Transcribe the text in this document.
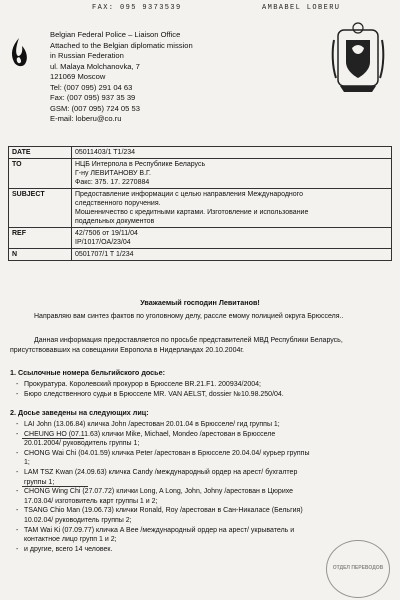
FAX: 095 9373539	AMBABEL LOBERU
Belgian Federal Police – Liaison Office
Attached to the Belgian diplomatic mission
in Russian Federation
ul. Malaya Molchanovka, 7
121069 Moscow
Tel: (007 095) 291 04 63
Fax: (007 095) 937 35 39
GSM: (007 095) 724 05 53
E-mail: loberu@co.ru
DATE	05011403/1 T1/234
TO	НЦБ Интерпола в Республике Беларусь
Г-ну ЛЕВИТАНОВУ В.Г.
Факс: 375. 17. 2270884

SUBJECT	Предоставление информации с целью направления Международного
следственного поручения.
Мошенничество с кредитными картами. Изготовление и использование
поддельных документов

REF	42/7506 от 19/11/04
IP/1017/OA/23/04

N	0501707/1 T 1/234
Уважаемый господин Левитанов!
Направляю вам синтез фактов по уголовному делу, рассле емому полицией округа Брюсселя..
Данная информация предоставляется по просьбе представителей МВД Республики Беларусь, присутствовавших на совещании Европола в Нидерландах 20.10.2004г.
1. Ссылочные номера бельгийского досье:
- Прокуратура. Королевский прокурор в Брюсселе BR.21.F1. 200934/2004;
- Бюро следственного судьи в Брюсселе MR. VAN AELST, dossier №10.98.250/04.
2. Досье заведены на следующих лиц:
- LAI John (13.06.84) кличка John /арестован 20.01.04 в Брюсселе/ гид группы 1;
- CHEUNG HO (07.11.63) клички Mike, Michael, Mondeo /арестован в Брюсселе
20.01.2004/ руководитель группы 1;
- CHONG Wai Chi (04.01.59) кличка Peter /арестован в Брюсселе 20.04.04/ курьер группы
1;
- LAM TSZ Kwan (24.09.63) кличка Candy /международный ордер на арест/ бухгалтер
группы 1;
- CHONG Wing Chi (27.07.72) клички Long, A Long, John, Johny /арестован в Цюрихе
17.03.04/ изготовитель карт группы 1 и 2;
- TSANG Chio Man (19.06.73) клички Ronald, Roy /арестован в Сан-Никалаce (Бельгия)
10.02.04/ руководитель группы 2;
- TAM Wai Ki (07.09.77) кличка A Bee /международный ордер на арест/ укрыватель и
контактное лицо групп 1 и 2;
- и другие, всего 14 человек.
ОТДЕЛ ПЕРЕВОДОВ
